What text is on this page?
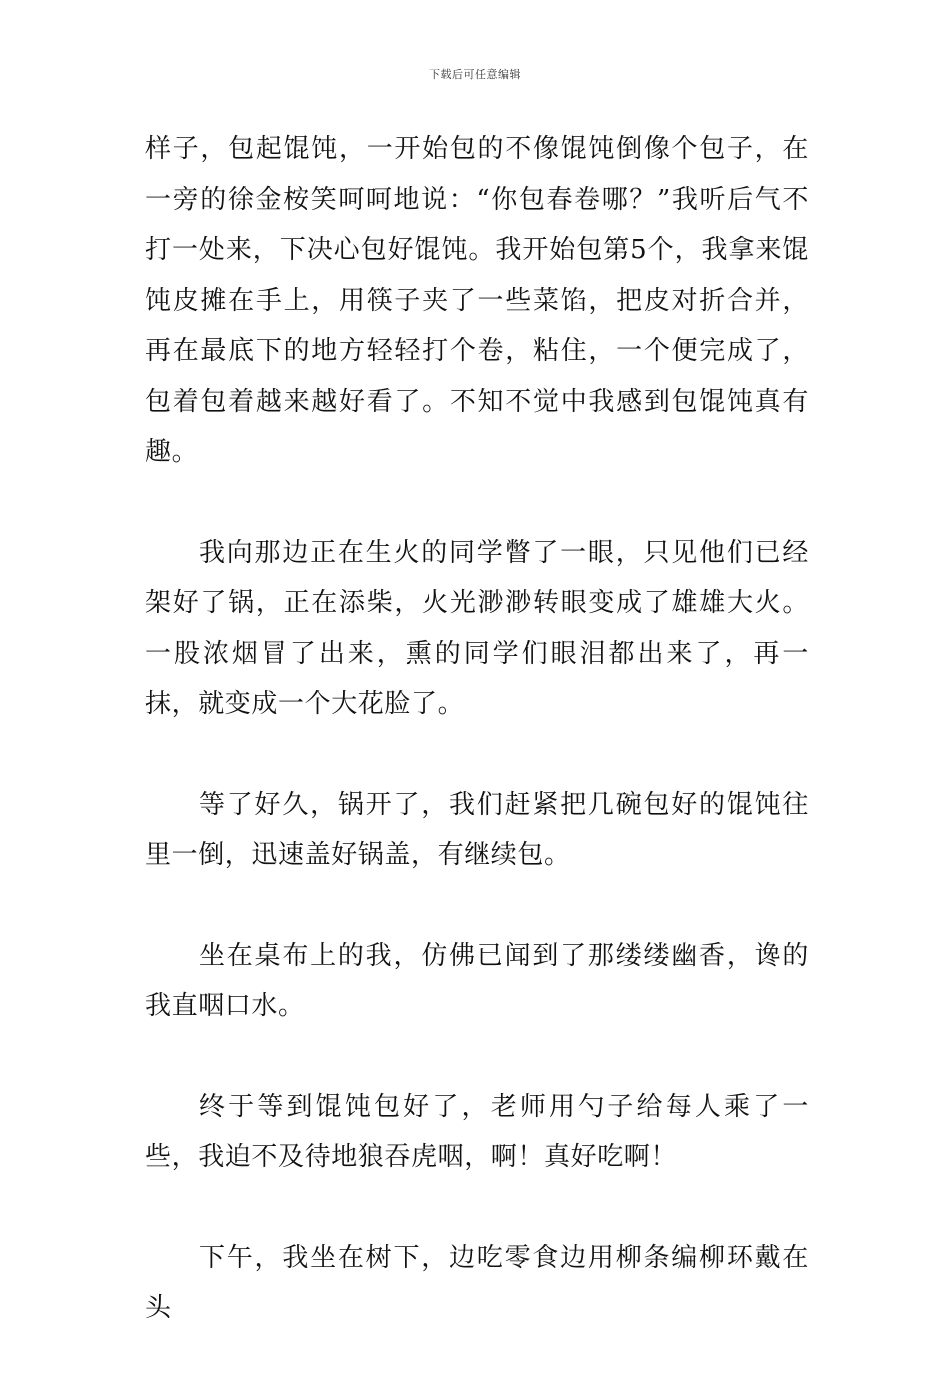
下载后可任意编辑

样子，包起馄饨，一开始包的不像馄饨倒像个包子，在一旁的徐金桉笑呵呵地说：“你包春卷哪？”我听后气不打一处来，下决心包好馄饨。我开始包第5个，我拿来馄饨皮摊在手上，用筷子夹了一些菜馅，把皮对折合并，再在最底下的地方轻轻打个卷，粘住，一个便完成了，包着包着越来越好看了。不知不觉中我感到包馄饨真有趣。

我向那边正在生火的同学瞥了一眼，只见他们已经架好了锅，正在添柴，火光渺渺转眼变成了雄雄大火。一股浓烟冒了出来，熏的同学们眼泪都出来了，再一抹，就变成一个大花脸了。

等了好久，锅开了，我们赶紧把几碗包好的馄饨往里一倒，迅速盖好锅盖，有继续包。

坐在桌布上的我，仿佛已闻到了那缕缕幽香，谗的我直咽口水。

终于等到馄饨包好了，老师用勺子给每人乘了一些，我迫不及待地狼吞虎咽，啊！真好吃啊！

下午，我坐在树下，边吃零食边用柳条编柳环戴在头
